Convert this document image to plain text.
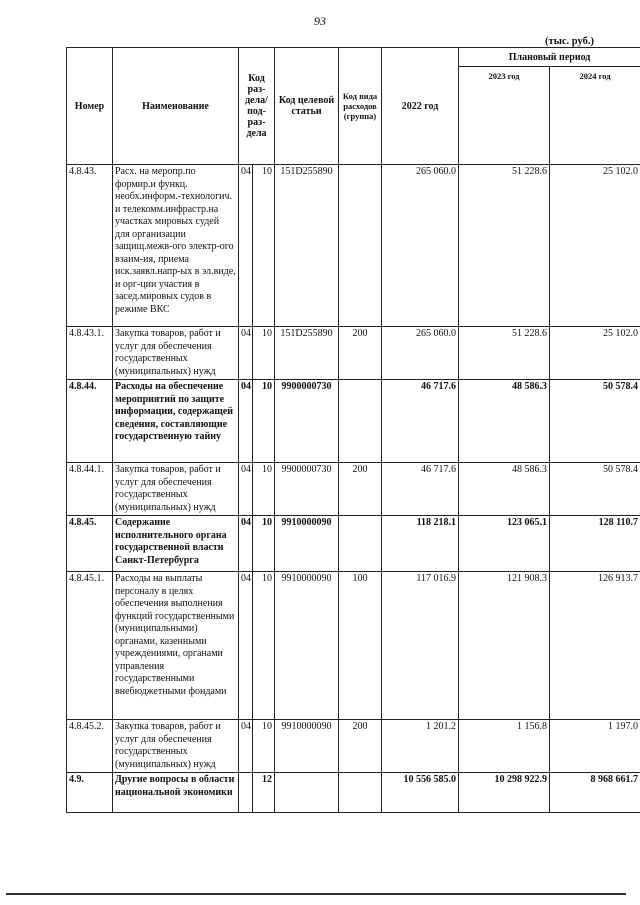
93
(тыс. руб.)
Номер	Наименование	Код раз-дела/ под-раз-дела		Код целевой статьи	Код вида расходов (группа)	2022 год	Плановый период	
							2023 год	2024 год
4.8.43.	Расх. на меропр.по формир.и функц. необх.информ.-технологич. и телекомм.инфрастр.на участках мировых судей для организации защищ.межв-ого электр-ого взаим-ия, приема иск.заявл.напр-ых в эл.виде, и орг-ции участия в засед.мировых судов в режиме ВКС	04	10	151D255890		265 060.0	51 228.6	25 102.0
4.8.43.1.	Закупка товаров, работ и услуг для обеспечения государственных (муниципальных) нужд	04	10	151D255890	200	265 060.0	51 228.6	25 102.0
4.8.44.	Расходы на обеспечение мероприятий по защите информации, содержащей сведения, составляющие государственную тайну	04	10	9900000730		46 717.6	48 586.3	50 578.4
4.8.44.1.	Закупка товаров, работ и услуг для обеспечения государственных (муниципальных) нужд	04	10	9900000730	200	46 717.6	48 586.3	50 578.4
4.8.45.	Содержание исполнительного органа государственной власти Санкт-Петербурга	04	10	9910000090		118 218.1	123 065.1	128 110.7
4.8.45.1.	Расходы на выплаты персоналу в целях обеспечения выполнения функций государственными (муниципальными) органами, казенными учреждениями, органами управления государственными внебюджетными фондами	04	10	9910000090	100	117 016.9	121 908.3	126 913.7
4.8.45.2.	Закупка товаров, работ и услуг для обеспечения государственных (муниципальных) нужд	04	10	9910000090	200	1 201.2	1 156.8	1 197.0
4.9.	Другие вопросы в области национальной экономики		12			10 556 585.0	10 298 922.9	8 968 661.7
